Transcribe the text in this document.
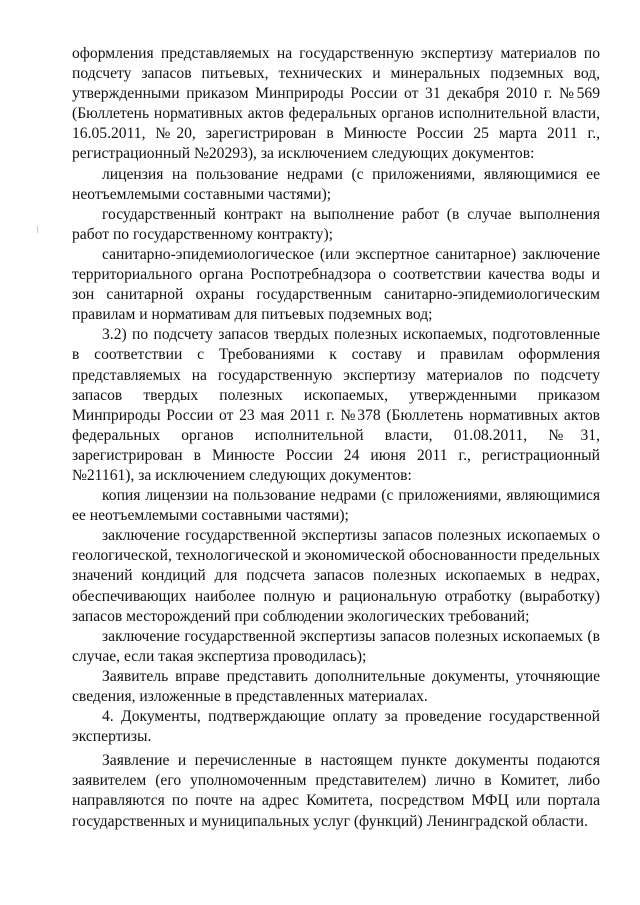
оформления представляемых на государственную экспертизу материалов по подсчету запасов питьевых, технических и минеральных подземных вод, утвержденными приказом Минприроды России от 31 декабря 2010 г. №569 (Бюллетень нормативных актов федеральных органов исполнительной власти, 16.05.2011, №20, зарегистрирован в Минюсте России 25 марта 2011 г., регистрационный №20293), за исключением следующих документов:

лицензия на пользование недрами (с приложениями, являющимися ее неотъемлемыми составными частями);

государственный контракт на выполнение работ (в случае выполнения работ по государственному контракту);

санитарно-эпидемиологическое (или экспертное санитарное) заключение территориального органа Роспотребнадзора о соответствии качества воды и зон санитарной охраны государственным санитарно-эпидемиологическим правилам и нормативам для питьевых подземных вод;

3.2) по подсчету запасов твердых полезных ископаемых, подготовленные в соответствии с Требованиями к составу и правилам оформления представляемых на государственную экспертизу материалов по подсчету запасов твердых полезных ископаемых, утвержденными приказом Минприроды России от 23 мая 2011 г. №378 (Бюллетень нормативных актов федеральных органов исполнительной власти, 01.08.2011, №31, зарегистрирован в Минюсте России 24 июня 2011 г., регистрационный №21161), за исключением следующих документов:

копия лицензии на пользование недрами (с приложениями, являющимися ее неотъемлемыми составными частями);

заключение государственной экспертизы запасов полезных ископаемых о геологической, технологической и экономической обоснованности предельных значений кондиций для подсчета запасов полезных ископаемых в недрах, обеспечивающих наиболее полную и рациональную отработку (выработку) запасов месторождений при соблюдении экологических требований;

заключение государственной экспертизы запасов полезных ископаемых (в случае, если такая экспертиза проводилась);

Заявитель вправе представить дополнительные документы, уточняющие сведения, изложенные в представленных материалах.

4. Документы, подтверждающие оплату за проведение государственной экспертизы.

Заявление и перечисленные в настоящем пункте документы подаются заявителем (его уполномоченным представителем) лично в Комитет, либо направляются по почте на адрес Комитета, посредством МФЦ или портала государственных и муниципальных услуг (функций) Ленинградской области.
